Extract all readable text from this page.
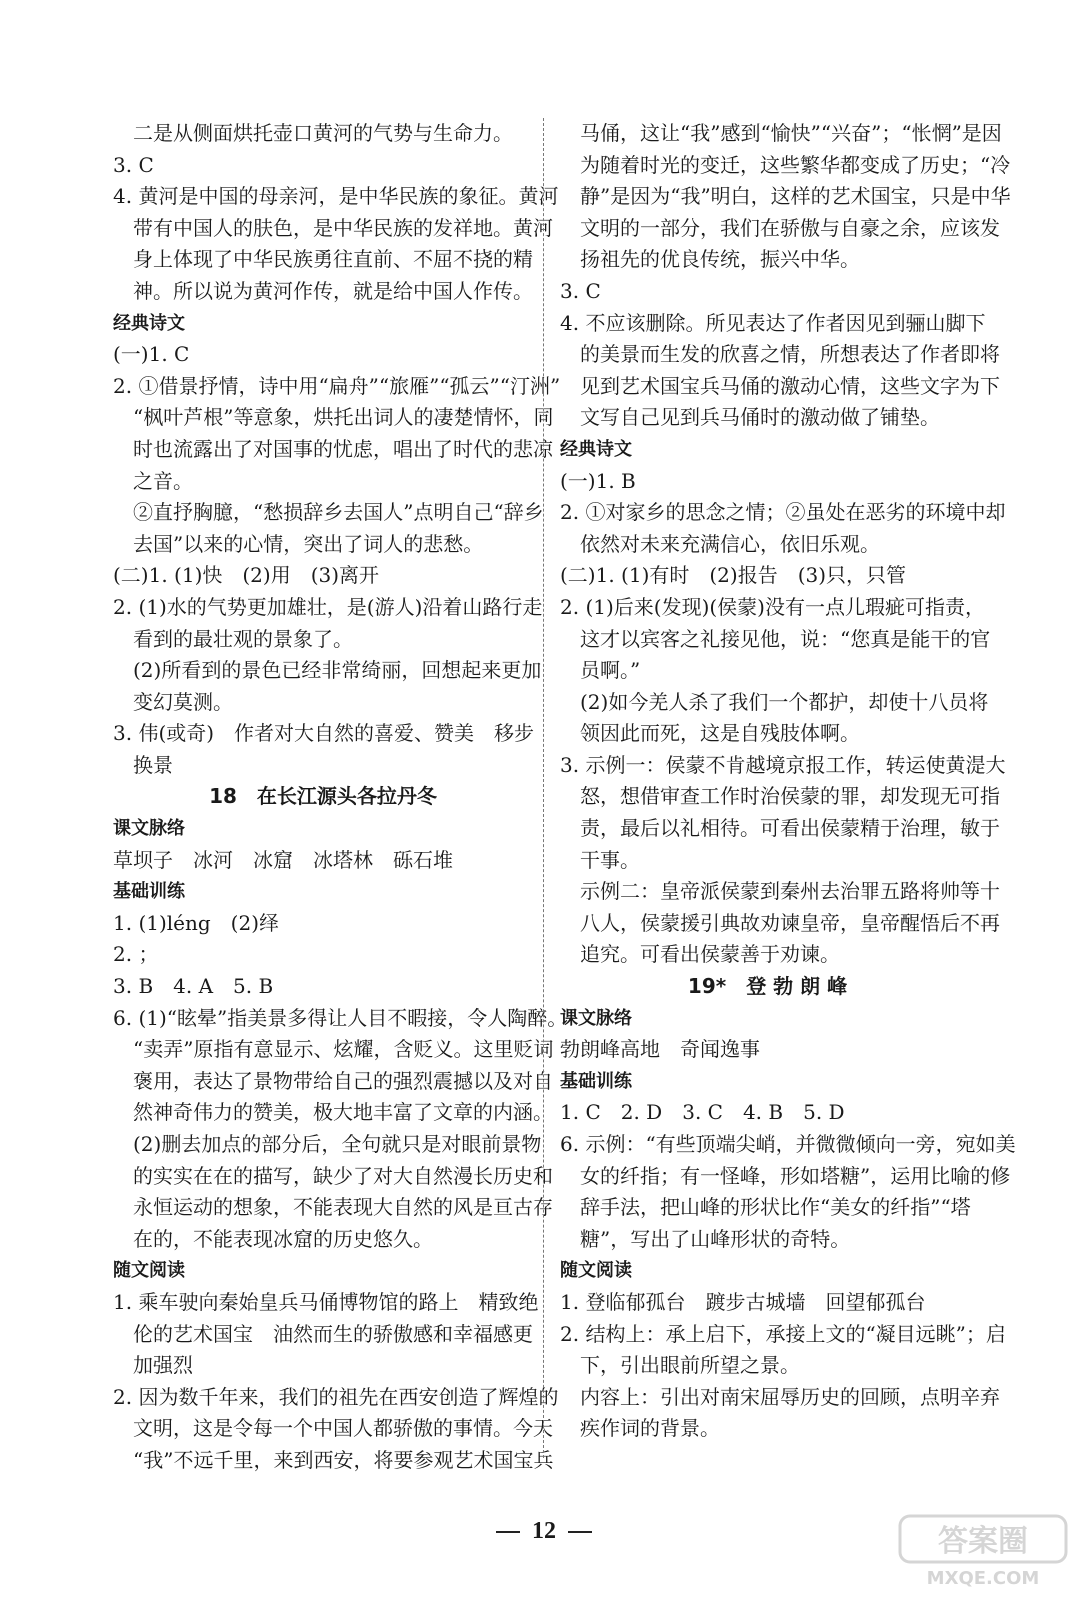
二是从侧面烘托壶口黄河的气势与生命力。
3. C
4. 黄河是中国的母亲河，是中华民族的象征。黄河
带有中国人的肤色，是中华民族的发祥地。黄河
身上体现了中华民族勇往直前、不屈不挠的精
神。所以说为黄河作传，就是给中国人作传。
经典诗文
(一)1. C
2. ①借景抒情，诗中用“扁舟”“旅雁”“孤云”“汀洲”
“枫叶芦根”等意象，烘托出词人的凄楚情怀，同
时也流露出了对国事的忧虑，唱出了时代的悲凉
之音。
②直抒胸臆，“愁损辞乡去国人”点明自己“辞乡
去国”以来的心情，突出了词人的悲愁。
(二)1. (1)快　(2)用　(3)离开
2. (1)水的气势更加雄壮，是(游人)沿着山路行走
看到的最壮观的景象了。
(2)所看到的景色已经非常绮丽，回想起来更加
变幻莫测。
3. 伟(或奇)　作者对大自然的喜爱、赞美　移步
换景
18　在长江源头各拉丹冬
课文脉络
草坝子　冰河　冰窟　冰塔林　砾石堆
基础训练
1. (1)léng　(2)绎
2. ；
3. B　4. A　5. B
6. (1)“眩晕”指美景多得让人目不暇接，令人陶醉。
“卖弄”原指有意显示、炫耀，含贬义。这里贬词
褒用，表达了景物带给自己的强烈震撼以及对自
然神奇伟力的赞美，极大地丰富了文章的内涵。
(2)删去加点的部分后，全句就只是对眼前景物
的实实在在的描写，缺少了对大自然漫长历史和
永恒运动的想象，不能表现大自然的风是亘古存
在的，不能表现冰窟的历史悠久。
随文阅读
1. 乘车驶向秦始皇兵马俑博物馆的路上　精致绝
伦的艺术国宝　油然而生的骄傲感和幸福感更
加强烈
2. 因为数千年来，我们的祖先在西安创造了辉煌的
文明，这是令每一个中国人都骄傲的事情。今天
“我”不远千里，来到西安，将要参观艺术国宝兵
马俑，这让“我”感到“愉快”“兴奋”；“怅惘”是因
为随着时光的变迁，这些繁华都变成了历史；“冷
静”是因为“我”明白，这样的艺术国宝，只是中华
文明的一部分，我们在骄傲与自豪之余，应该发
扬祖先的优良传统，振兴中华。
3. C
4. 不应该删除。所见表达了作者因见到骊山脚下
的美景而生发的欣喜之情，所想表达了作者即将
见到艺术国宝兵马俑的激动心情，这些文字为下
文写自己见到兵马俑时的激动做了铺垫。
经典诗文
(一)1. B
2. ①对家乡的思念之情；②虽处在恶劣的环境中却
依然对未来充满信心，依旧乐观。
(二)1. (1)有时　(2)报告　(3)只，只管
2. (1)后来(发现)(侯蒙)没有一点儿瑕疵可指责，
这才以宾客之礼接见他，说：“您真是能干的官
员啊。”
(2)如今羌人杀了我们一个都护，却使十八员将
领因此而死，这是自残肢体啊。
3. 示例一：侯蒙不肯越境京报工作，转运使黄湜大
怒，想借审查工作时治侯蒙的罪，却发现无可指
责，最后以礼相待。可看出侯蒙精于治理，敏于
干事。
示例二：皇帝派侯蒙到秦州去治罪五路将帅等十
八人，侯蒙援引典故劝谏皇帝，皇帝醒悟后不再
追究。可看出侯蒙善于劝谏。
19*　登 勃 朗 峰
课文脉络
勃朗峰高地　奇闻逸事
基础训练
1. C　2. D　3. C　4. B　5. D
6. 示例：“有些顶端尖峭，并微微倾向一旁，宛如美
女的纤指；有一怪峰，形如塔糖”，运用比喻的修
辞手法，把山峰的形状比作“美女的纤指”“塔
糖”，写出了山峰形状的奇特。
随文阅读
1. 登临郁孤台　踱步古城墙　回望郁孤台
2. 结构上：承上启下，承接上文的“凝目远眺”；启
下，引出眼前所望之景。
内容上：引出对南宋屈辱历史的回顾，点明辛弃
疾作词的背景。
12	答案圈
MXQE.COM
